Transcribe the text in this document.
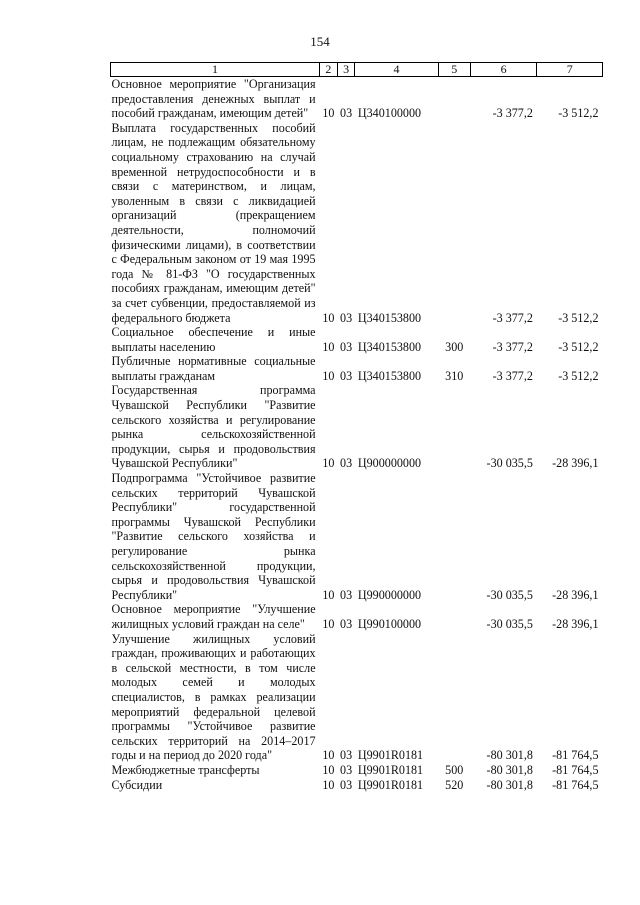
154
1	2	3	4	5	6	7
Основное мероприятие "Организация предоставления денежных выплат и пособий гражданам, имеющим детей"	10	03	Ц340100000		-3 377,2	-3 512,2
Выплата государственных пособий лицам, не подлежащим обязательному социальному страхованию на случай временной нетрудоспособности и в связи с материнством, и лицам, уволенным в связи с ликвидацией организаций (прекращением деятельности, полномочий физическими лицами), в соответствии с Федеральным законом от 19 мая 1995 года № 81-ФЗ "О государственных пособиях гражданам, имеющим детей" за счет субвенции, предоставляемой из федерального бюджета	10	03	Ц340153800		-3 377,2	-3 512,2
Социальное обеспечение и иные выплаты населению	10	03	Ц340153800	300	-3 377,2	-3 512,2
Публичные нормативные социальные выплаты гражданам	10	03	Ц340153800	310	-3 377,2	-3 512,2
Государственная программа Чувашской Республики "Развитие сельского хозяйства и регулирование рынка сельскохозяйственной продукции, сырья и продовольствия Чувашской Республики"	10	03	Ц900000000		-30 035,5	-28 396,1
Подпрограмма "Устойчивое развитие сельских территорий Чувашской Республики" государственной программы Чувашской Республики "Развитие сельского хозяйства и регулирование рынка сельскохозяйственной продукции, сырья и продовольствия Чувашской Республики"	10	03	Ц990000000		-30 035,5	-28 396,1
Основное мероприятие "Улучшение жилищных условий граждан на селе"	10	03	Ц990100000		-30 035,5	-28 396,1
Улучшение жилищных условий граждан, проживающих и работающих в сельской местности, в том числе молодых семей и молодых специалистов, в рамках реализации мероприятий федеральной целевой программы "Устойчивое развитие сельских территорий на 2014–2017 годы и на период до 2020 года"	10	03	Ц9901R0181		-80 301,8	-81 764,5
Межбюджетные трансферты	10	03	Ц9901R0181	500	-80 301,8	-81 764,5
Субсидии	10	03	Ц9901R0181	520	-80 301,8	-81 764,5
